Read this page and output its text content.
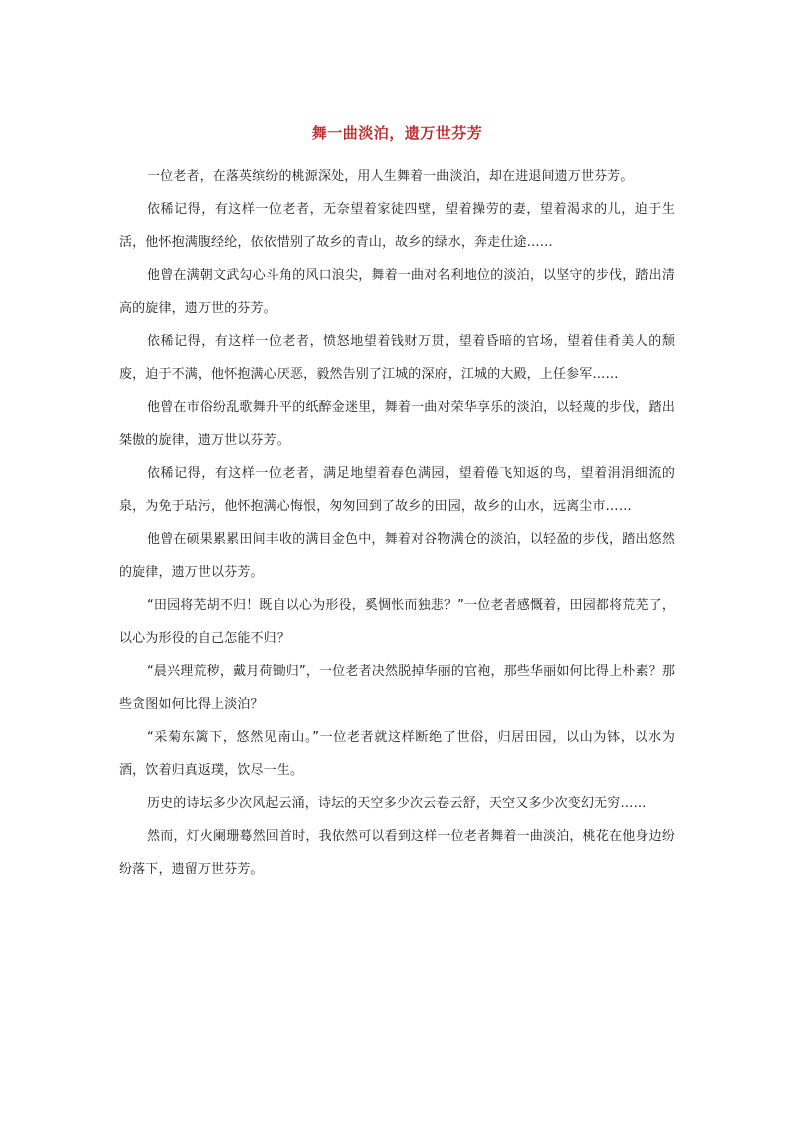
舞一曲淡泊，遗万世芬芳

一位老者，在落英缤纷的桃源深处，用人生舞着一曲淡泊，却在进退间遗万世芬芳。

依稀记得，有这样一位老者，无奈望着家徒四壁，望着操劳的妻，望着渴求的儿，迫于生活，他怀抱满腹经纶，依依惜别了故乡的青山，故乡的绿水，奔走仕途……

他曾在满朝文武勾心斗角的风口浪尖，舞着一曲对名利地位的淡泊，以坚守的步伐，踏出清高的旋律，遗万世的芬芳。

依稀记得，有这样一位老者，愤怒地望着钱财万贯，望着昏暗的官场，望着佳肴美人的颓废，迫于不满，他怀抱满心厌恶，毅然告别了江城的深府，江城的大殿，上任参军……

他曾在市俗纷乱歌舞升平的纸醉金迷里，舞着一曲对荣华享乐的淡泊，以轻蔑的步伐，踏出桀傲的旋律，遗万世以芬芳。

依稀记得，有这样一位老者，满足地望着春色满园，望着倦飞知返的鸟，望着涓涓细流的泉，为免于玷污，他怀抱满心悔恨，匆匆回到了故乡的田园，故乡的山水，远离尘市……

他曾在硕果累累田间丰收的满目金色中，舞着对谷物满仓的淡泊，以轻盈的步伐，踏出悠然的旋律，遗万世以芬芳。

“田园将芜胡不归！既自以心为形役，奚惆怅而独悲？”一位老者感慨着，田园都将荒芜了，以心为形役的自己怎能不归？

“晨兴理荒秽，戴月荷锄归”，一位老者决然脱掉华丽的官袍，那些华丽如何比得上朴素？那些贪图如何比得上淡泊？

“采菊东篱下，悠然见南山。”一位老者就这样断绝了世俗，归居田园，以山为钵，以水为酒，饮着归真返璞，饮尽一生。

历史的诗坛多少次风起云涌，诗坛的天空多少次云卷云舒，天空又多少次变幻无穷……

然而，灯火阑珊蓦然回首时，我依然可以看到这样一位老者舞着一曲淡泊，桃花在他身边纷纷落下，遗留万世芬芳。
